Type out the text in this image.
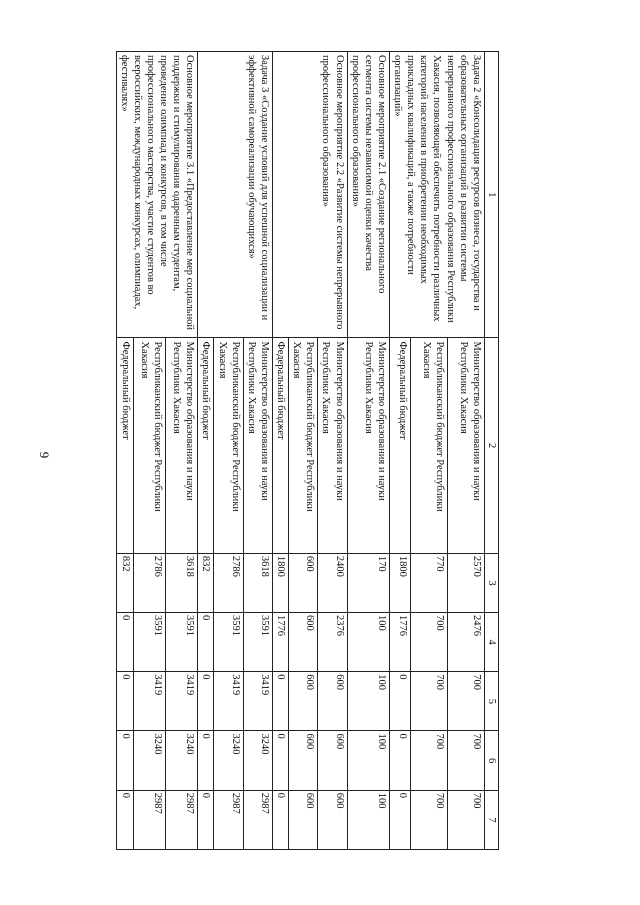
9
1	2	3	4	5	6	7
Задача 2 «Консолидация ресурсов бизнеса, государства и образовательных организаций в развитии системы непрерывного профессионального образования Республики Хакасия, позволяющей обеспечить потребности различных категорий населения в приобретении необходимых прикладных квалификаций, а также потребности организаций»	Министерство образования и науки Республики Хакасия	2570	2476	700	700	700
	Республиканский бюджет Республики Хакасия	770	700	700	700	700
	Федеральный бюджет	1800	1776	0	0	0
Основное мероприятие 2.1 «Создание регионального сегмента системы независимой оценки качества профессионального образования»	Министерство образования и науки Республики Хакасия	170	100	100	100	100
Основное мероприятие 2.2 «Развитие системы непрерывного профессионального образования»	Министерство образования и науки Республики Хакасия	2400	2376	600	600	600
	Республиканский бюджет Республики Хакасия	600	600	600	600	600
	Федеральный бюджет	1800	1776	0	0	0
Задача 3 «Создание условий для успешной социализации и эффективной самореализации обучающихся»	Министерство образования и науки Республики Хакасия	3618	3591	3419	3240	2987
	Республиканский бюджет Республики Хакасия	2786	3591	3419	3240	2987
	Федеральный бюджет	832	0	0	0	0
Основное мероприятие 3.1 «Предоставление мер социальной поддержки и стимулирования одаренным студентам, проведение олимпиад и конкурсов, в том числе профессионального мастерства, участие студентов во всероссийских, международных конкурсах, олимпиадах, фестивалях»	Министерство образования и науки Республики Хакасия	3618	3591	3419	3240	2987
	Республиканский бюджет Республики Хакасия	2786	3591	3419	3240	2987
	Федеральный бюджет	832	0	0	0	0
